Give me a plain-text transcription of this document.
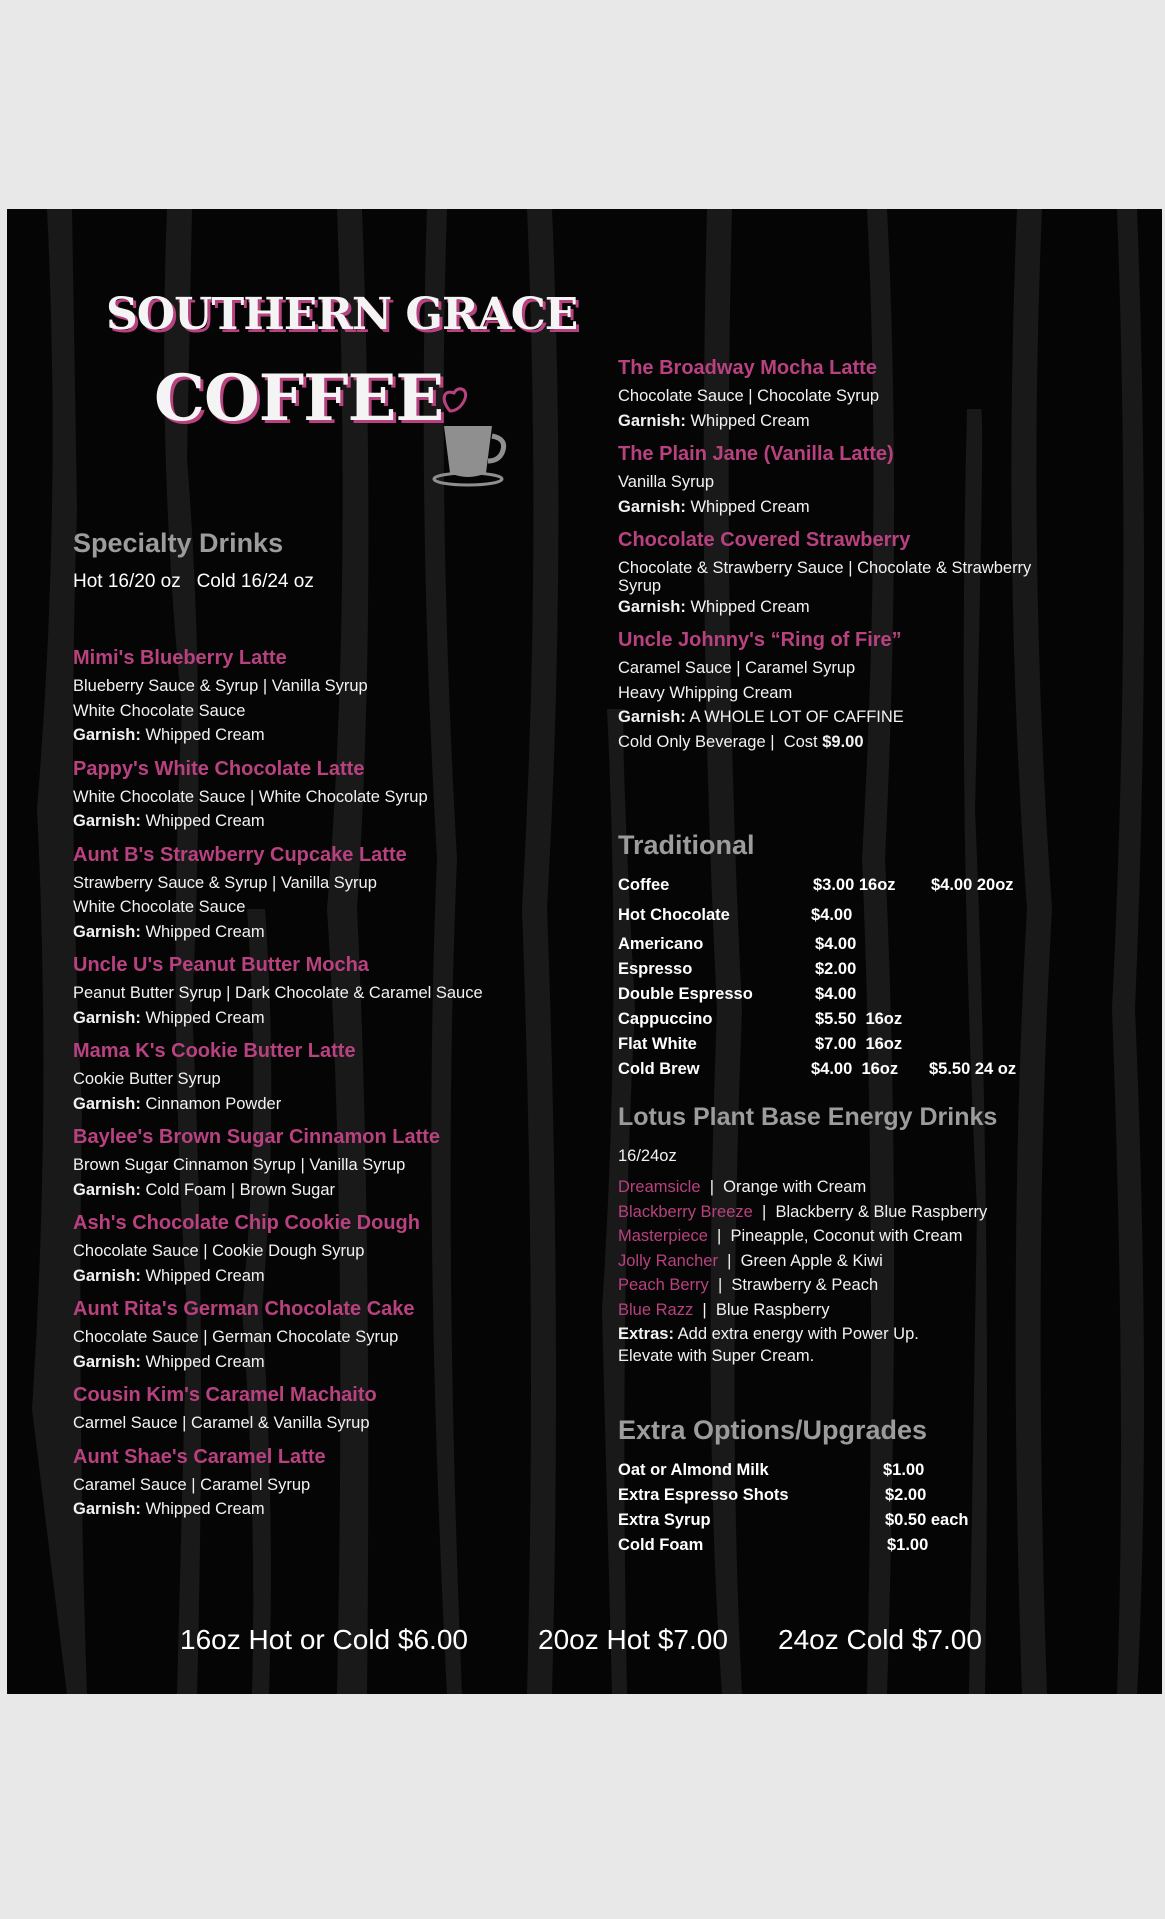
SOUTHERN GRACE
COFFEE
Specialty Drinks
Hot 16/20 oz   Cold 16/24 oz
Mimi's Blueberry Latte
Blueberry Sauce & Syrup | Vanilla Syrup
White Chocolate Sauce
Garnish: Whipped Cream
Pappy's White Chocolate Latte
White Chocolate Sauce | White Chocolate Syrup
Garnish: Whipped Cream
Aunt B's Strawberry Cupcake Latte
Strawberry Sauce & Syrup | Vanilla Syrup
White Chocolate Sauce
Garnish: Whipped Cream
Uncle U's Peanut Butter Mocha
Peanut Butter Syrup | Dark Chocolate & Caramel Sauce
Garnish: Whipped Cream
Mama K's Cookie Butter Latte
Cookie Butter Syrup
Garnish: Cinnamon Powder
Baylee's Brown Sugar Cinnamon Latte
Brown Sugar Cinnamon Syrup | Vanilla Syrup
Garnish: Cold Foam | Brown Sugar
Ash's Chocolate Chip Cookie Dough
Chocolate Sauce | Cookie Dough Syrup
Garnish: Whipped Cream
Aunt Rita's German Chocolate Cake
Chocolate Sauce | German Chocolate Syrup
Garnish: Whipped Cream
Cousin Kim's Caramel Machaito
Carmel Sauce | Caramel & Vanilla Syrup
Aunt Shae's Caramel Latte
Caramel Sauce | Caramel Syrup
Garnish: Whipped Cream
The Broadway Mocha Latte
Chocolate Sauce | Chocolate Syrup
Garnish: Whipped Cream
The Plain Jane (Vanilla Latte)
Vanilla Syrup
Garnish: Whipped Cream
Chocolate Covered Strawberry
Chocolate & Strawberry Sauce | Chocolate & Strawberry
Syrup
Garnish: Whipped Cream
Uncle Johnny's “Ring of Fire”
Caramel Sauce | Caramel Syrup
Heavy Whipping Cream
Garnish: A WHOLE LOT OF CAFFINE
Cold Only Beverage |  Cost $9.00
Traditional
Coffee	$3.00 16oz $4.00 20oz
Hot Chocolate	$4.00
Americano	$4.00
Espresso	$2.00
Double Espresso	$4.00
Cappuccino	$5.50  16oz
Flat White	$7.00  16oz
Cold Brew	$4.00  16oz $5.50 24 oz
Lotus Plant Base Energy Drinks
16/24oz
Dreamsicle  |  Orange with Cream
Blackberry Breeze  |  Blackberry & Blue Raspberry
Masterpiece  |  Pineapple, Coconut with Cream
Jolly Rancher  |  Green Apple & Kiwi
Peach Berry  |  Strawberry & Peach
Blue Razz  |  Blue Raspberry
Extras: Add extra energy with Power Up.
Elevate with Super Cream.
Extra Options/Upgrades
Oat or Almond Milk	$1.00
Extra Espresso Shots	$2.00
Extra Syrup	$0.50 each
Cold Foam	$1.00
16oz Hot or Cold $6.00	20oz Hot $7.00 24oz Cold $7.00
